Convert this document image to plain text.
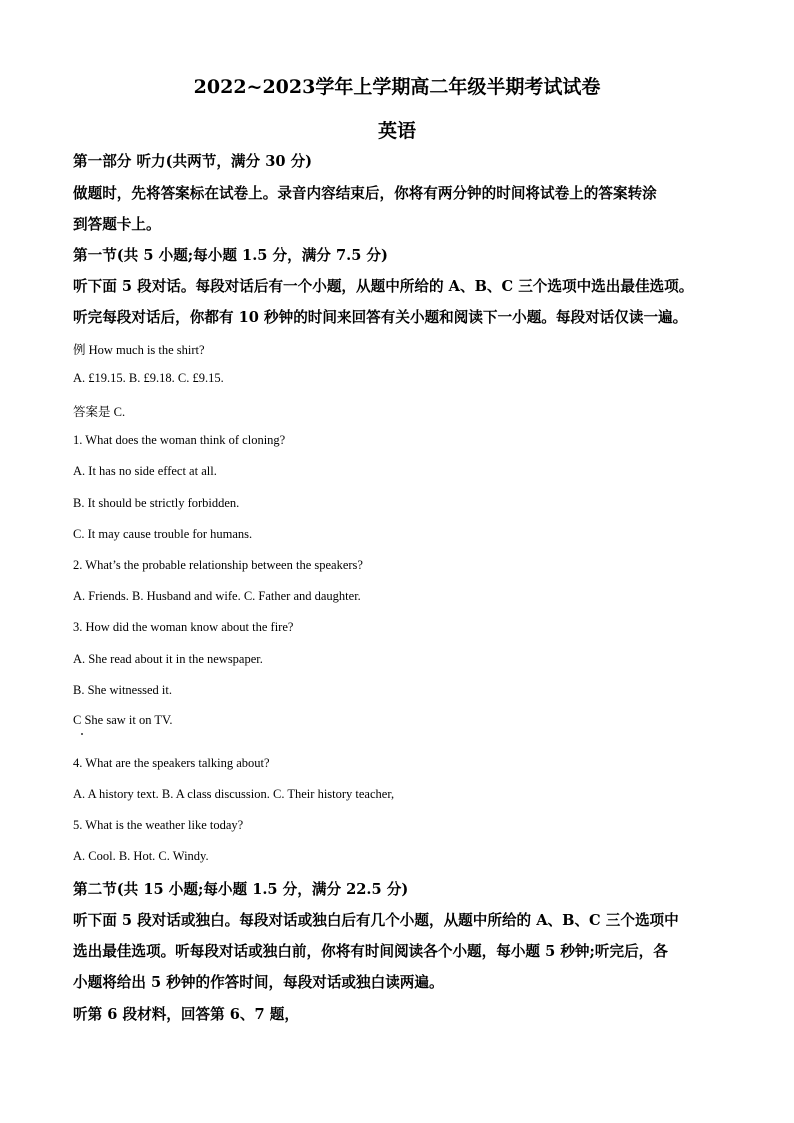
2022~2023学年上学期高二年级半期考试试卷
英语
第一部分 听力(共两节，满分 30 分)
做题时，先将答案标在试卷上。录音内容结束后，你将有两分钟的时间将试卷上的答案转涂
到答题卡上。
第一节(共 5 小题;每小题 1.5 分，满分 7.5 分)
听下面 5 段对话。每段对话后有一个小题，从题中所给的 A、B、C 三个选项中选出最佳选项。
听完每段对话后，你都有 10 秒钟的时间来回答有关小题和阅读下一小题。每段对话仅读一遍。
例 How much is the shirt?
A. £19.15. B. £9.18. C. £9.15.
答案是 C.
1. What does the woman think of cloning?
A. It has no side effect at all.
B. It should be strictly forbidden.
C. It may cause trouble for humans.
2. What’s the probable relationship between the speakers?
A. Friends. B. Husband and wife. C. Father and daughter.
3. How did the woman know about the fire?
A. She read about it in the newspaper.
B. She witnessed it.
C She saw it on TV.
4. What are the speakers talking about?
A. A history text. B. A class discussion. C. Their history teacher,
5. What is the weather like today?
A. Cool. B. Hot. C. Windy.
第二节(共 15 小题;每小题 1.5 分，满分 22.5 分)
听下面 5 段对话或独白。每段对话或独白后有几个小题，从题中所给的 A、B、C 三个选项中
选出最佳选项。听每段对话或独白前，你将有时间阅读各个小题，每小题 5 秒钟;听完后，各
小题将给出 5 秒钟的作答时间，每段对话或独白读两遍。
听第 6 段材料，回答第 6、7 题，
